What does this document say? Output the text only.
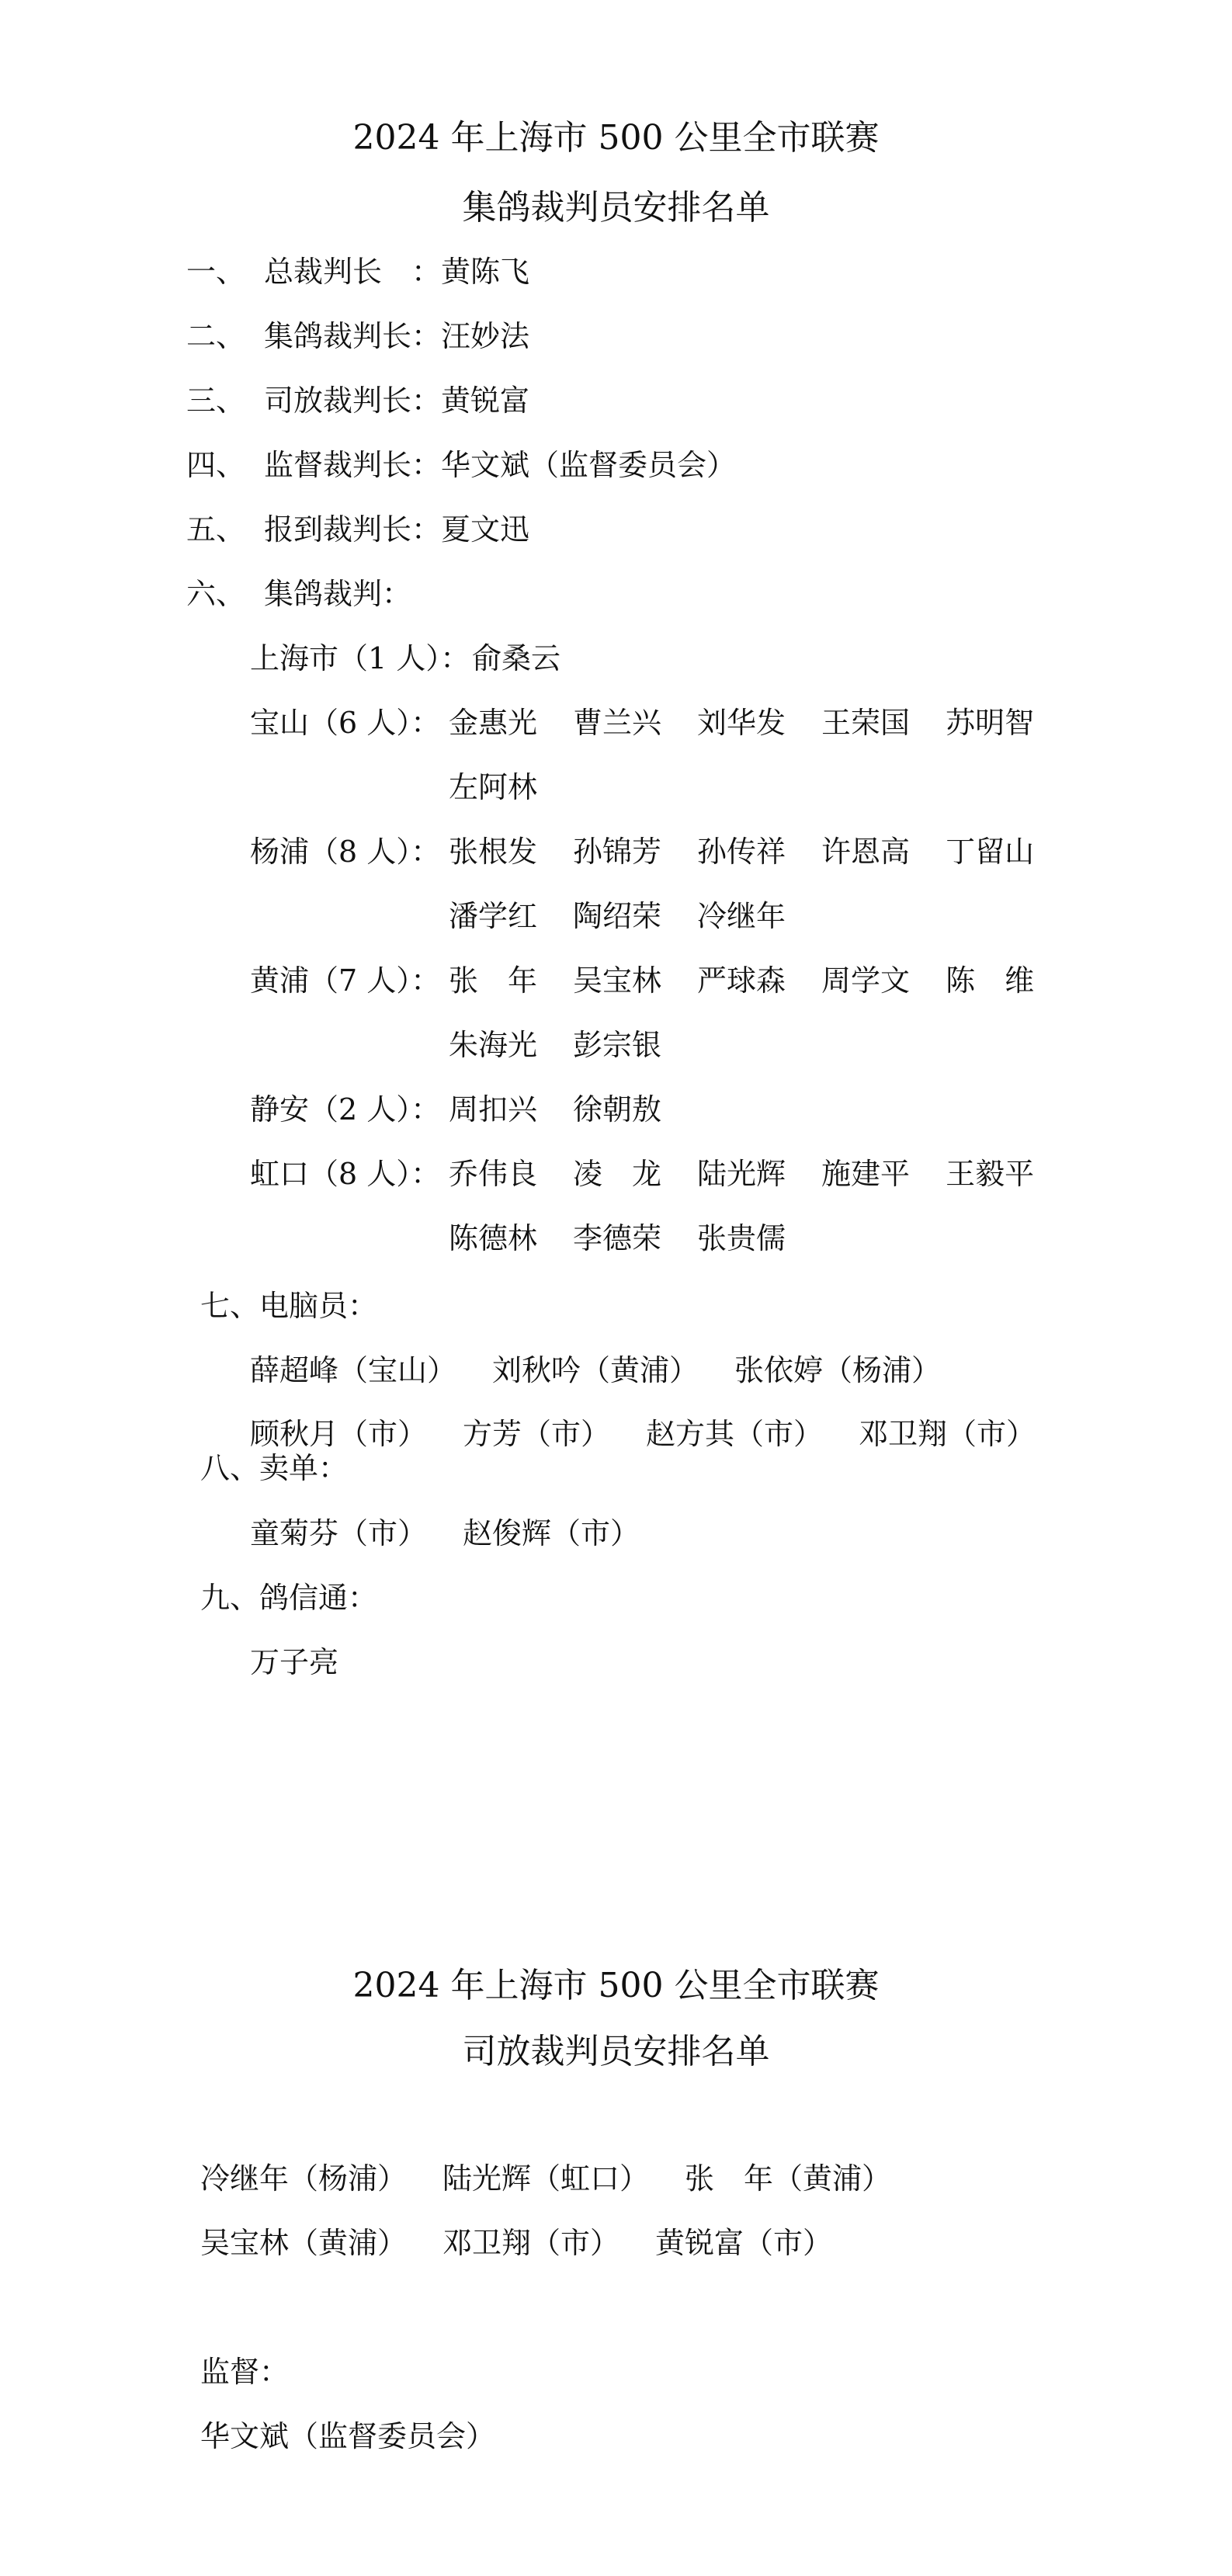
2024 年上海市 500 公里全市联赛
集鸽裁判员安排名单
一、 总裁判长　：黄陈飞
二、 集鸽裁判长：汪妙法
三、 司放裁判长：黄锐富
四、 监督裁判长：华文斌（监督委员会）
五、 报到裁判长：夏文迅
六、 集鸽裁判：
上海市（1 人）： 俞桑云
宝山（6 人）： 金惠光 曹兰兴 刘华发 王荣国 苏明智
左阿林
杨浦（8 人）： 张根发 孙锦芳 孙传祥 许恩高 丁留山
潘学红 陶绍荣 冷继年
黄浦（7 人）： 张　年 吴宝林 严球森 周学文 陈　维
朱海光 彭宗银
静安（2 人）： 周扣兴 徐朝敖
虹口（8 人）： 乔伟良 凌　龙 陆光辉 施建平 王毅平
陈德林 李德荣 张贵儒
七、电脑员：
薛超峰（宝山） 刘秋吟（黄浦） 张依婷（杨浦）
顾秋月（市） 方芳（市） 赵方其（市） 邓卫翔（市）
八、卖单：
童菊芬（市） 赵俊辉（市）
九、鸽信通：
万子亮
2024 年上海市 500 公里全市联赛
司放裁判员安排名单
冷继年（杨浦） 陆光辉（虹口） 张　年（黄浦）
吴宝林（黄浦） 邓卫翔（市） 黄锐富（市）
监督：
华文斌（监督委员会）
